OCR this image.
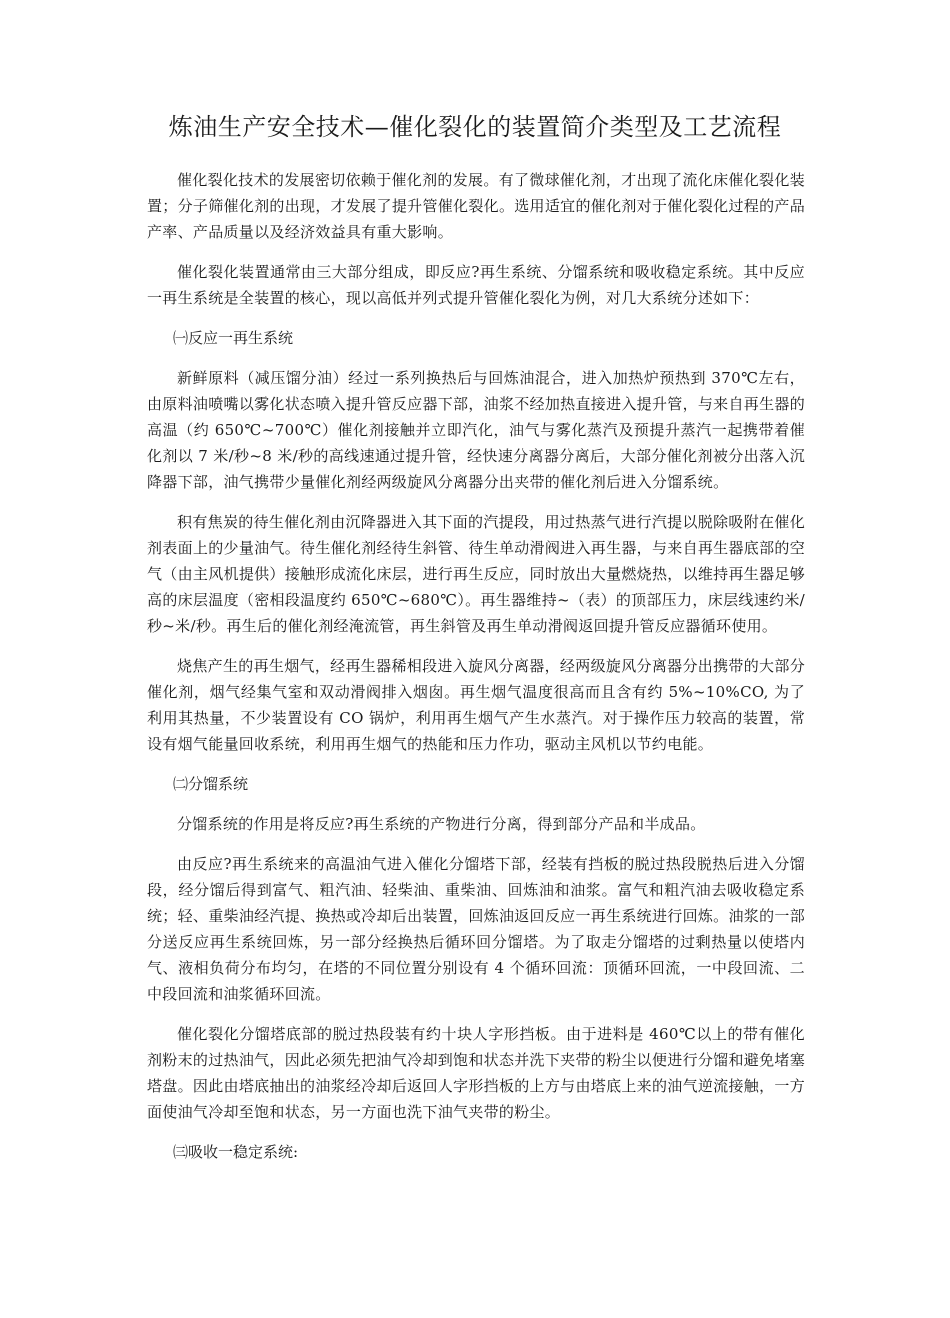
炼油生产安全技术—催化裂化的装置简介类型及工艺流程

催化裂化技术的发展密切依赖于催化剂的发展。有了微球催化剂，才出现了流化床催化裂化装置；分子筛催化剂的出现，才发展了提升管催化裂化。选用适宜的催化剂对于催化裂化过程的产品产率、产品质量以及经济效益具有重大影响。

催化裂化装置通常由三大部分组成，即反应?再生系统、分馏系统和吸收稳定系统。其中反应一再生系统是全装置的核心，现以高低并列式提升管催化裂化为例，对几大系统分述如下：

㈠反应一再生系统

新鲜原料（减压馏分油）经过一系列换热后与回炼油混合，进入加热炉预热到 370℃左右，由原料油喷嘴以雾化状态喷入提升管反应器下部，油浆不经加热直接进入提升管，与来自再生器的高温（约 650℃~700℃）催化剂接触并立即汽化，油气与雾化蒸汽及预提升蒸汽一起携带着催化剂以 7 米/秒~8 米/秒的高线速通过提升管，经快速分离器分离后，大部分催化剂被分出落入沉降器下部，油气携带少量催化剂经两级旋风分离器分出夹带的催化剂后进入分馏系统。

积有焦炭的待生催化剂由沉降器进入其下面的汽提段，用过热蒸气进行汽提以脱除吸附在催化剂表面上的少量油气。待生催化剂经待生斜管、待生单动滑阀进入再生器，与来自再生器底部的空气（由主风机提供）接触形成流化床层，进行再生反应，同时放出大量燃烧热，以维持再生器足够高的床层温度（密相段温度约 650℃~680℃）。再生器维持~（表）的顶部压力，床层线速约米/秒~米/秒。再生后的催化剂经淹流管，再生斜管及再生单动滑阀返回提升管反应器循环使用。

烧焦产生的再生烟气，经再生器稀相段进入旋风分离器，经两级旋风分离器分出携带的大部分催化剂，烟气经集气室和双动滑阀排入烟囱。再生烟气温度很高而且含有约 5%~10%CO, 为了利用其热量，不少装置设有 CO 锅炉，利用再生烟气产生水蒸汽。对于操作压力较高的装置，常设有烟气能量回收系统，利用再生烟气的热能和压力作功，驱动主风机以节约电能。

㈡分馏系统

分馏系统的作用是将反应?再生系统的产物进行分离，得到部分产品和半成品。

由反应?再生系统来的高温油气进入催化分馏塔下部，经装有挡板的脱过热段脱热后进入分馏段，经分馏后得到富气、粗汽油、轻柴油、重柴油、回炼油和油浆。富气和粗汽油去吸收稳定系统；轻、重柴油经汽提、换热或冷却后出装置，回炼油返回反应一再生系统进行回炼。油浆的一部分送反应再生系统回炼，另一部分经换热后循环回分馏塔。为了取走分馏塔的过剩热量以使塔内气、液相负荷分布均匀，在塔的不同位置分别设有 4 个循环回流：顶循环回流，一中段回流、二中段回流和油浆循环回流。

催化裂化分馏塔底部的脱过热段装有约十块人字形挡板。由于进料是 460℃以上的带有催化剂粉末的过热油气，因此必须先把油气冷却到饱和状态并洗下夹带的粉尘以便进行分馏和避免堵塞塔盘。因此由塔底抽出的油浆经冷却后返回人字形挡板的上方与由塔底上来的油气逆流接触，一方面使油气冷却至饱和状态，另一方面也洗下油气夹带的粉尘。

㈢吸收一稳定系统:
